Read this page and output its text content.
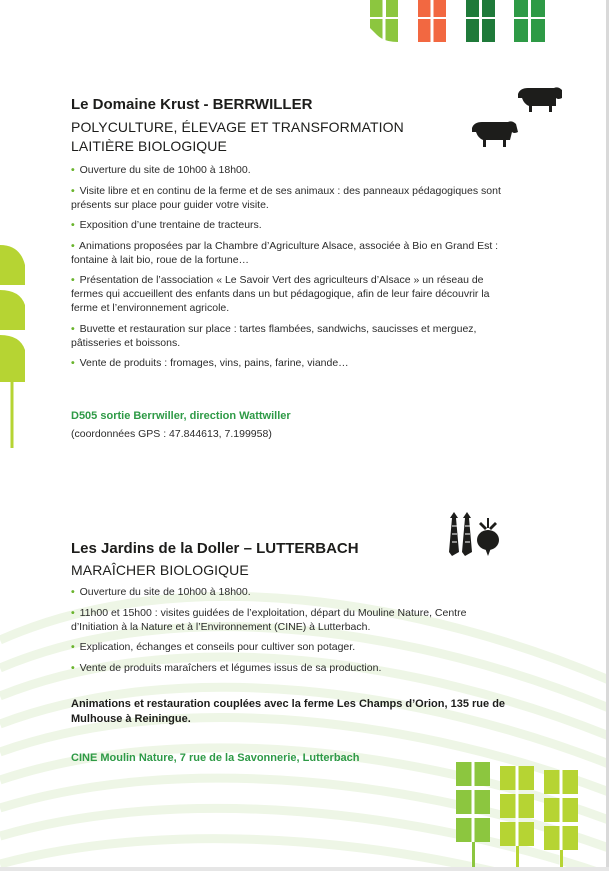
Le Domaine Krust - BERRWILLER

POLYCULTURE, ÉLEVAGE ET TRANSFORMATION

LAITIÈRE BIOLOGIQUE

• Ouverture du site de 10h00 à 18h00.
• Visite libre et en continu de la ferme et de ses animaux : des panneaux pédagogiques sont présents sur place pour guider votre visite.
• Exposition d’une trentaine de tracteurs.
• Animations proposées par la Chambre d’Agriculture Alsace, associée à Bio en Grand Est : fontaine à lait bio, roue de la fortune…
• Présentation de l’association « Le Savoir Vert des agriculteurs d’Alsace » un réseau de fermes qui accueillent des enfants dans un but pédagogique, afin de leur faire découvrir la ferme et l’environnement agricole.
• Buvette et restauration sur place : tartes flambées, sandwichs, saucisses et merguez, pâtisseries et boissons.
• Vente de produits : fromages, vins, pains, farine, viande…

D505 sortie Berrwiller, direction Wattwiller

(coordonnées GPS : 47.844613, 7.199958)

Les Jardins de la Doller – LUTTERBACH

MARAÎCHER BIOLOGIQUE

• Ouverture du site de 10h00 à 18h00.
• 11h00 et 15h00 : visites guidées de l’exploitation, départ du Mouline Nature, Centre d’Initiation à la Nature et à l’Environnement (CINE) à Lutterbach.
• Explication, échanges et conseils pour cultiver son potager.
• Vente de produits maraîchers et légumes issus de sa production.

Animations et restauration couplées avec la ferme Les Champs d’Orion, 135 rue de Mulhouse à Reiningue.

CINE Moulin Nature, 7 rue de la Savonnerie, Lutterbach
